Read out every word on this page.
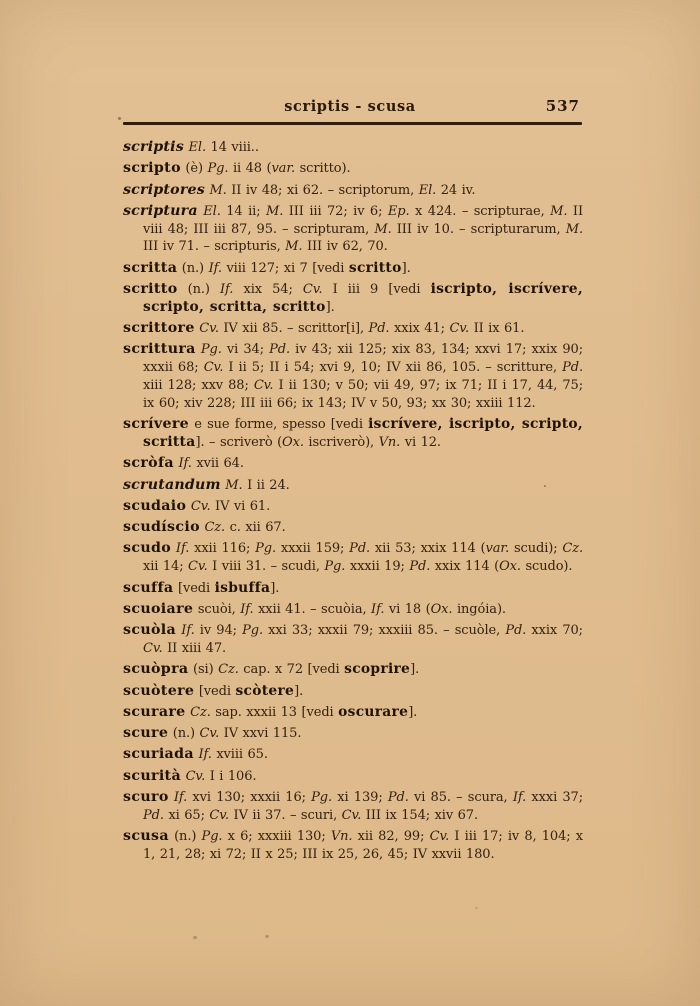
scriptis - scusa	537

scriptis El. 14 viii..

scripto (è) Pg. ii 48 (var. scritto).

scriptores M. II iv 48; xi 62. – scriptorum, El. 24 iv.

scriptura El. 14 ii; M. III iii 72; iv 6; Ep. x 424. – scripturae, M. II viii 48; III iii 87, 95. – scripturam, M. III iv 10. – scripturarum, M. III iv 71. – scripturis, M. III iv 62, 70.

scritta (n.) If. viii 127; xi 7 [vedi scritto].

scritto (n.) If. xix 54; Cv. I iii 9 [vedi iscripto, iscrívere, scripto, scritta, scritto].

scrittore Cv. IV xii 85. – scrittor[i], Pd. xxix 41; Cv. II ix 61.

scrittura Pg. vi 34; Pd. iv 43; xii 125; xix 83, 134; xxvi 17; xxix 90; xxxii 68; Cv. I ii 5; II i 54; xvi 9, 10; IV xii 86, 105. – scritture, Pd. xiii 128; xxv 88; Cv. I ii 130; v 50; vii 49, 97; ix 71; II i 17, 44, 75; ix 60; xiv 228; III iii 66; ix 143; IV v 50, 93; xx 30; xxiii 112.

scrívere e sue forme, spesso [vedi iscrívere, iscripto, scripto, scritta]. – scriverò (Ox. iscriverò), Vn. vi 12.

scròfa If. xvii 64.

scrutandum M. I ii 24.

scudaio Cv. IV vi 61.

scudíscio Cz. c. xii 67.

scudo If. xxii 116; Pg. xxxii 159; Pd. xii 53; xxix 114 (var. scudi); Cz. xii 14; Cv. I viii 31. – scudi, Pg. xxxii 19; Pd. xxix 114 (Ox. scudo).

scuffa [vedi isbuffa].

scuoiare scuòi, If. xxii 41. – scuòia, If. vi 18 (Ox. ingóia).

scuòla If. iv 94; Pg. xxi 33; xxxii 79; xxxiii 85. – scuòle, Pd. xxix 70; Cv. II xiii 47.

scuòpra (si) Cz. cap. x 72 [vedi scoprire].

scuòtere [vedi scòtere].

scurare Cz. sap. xxxii 13 [vedi oscurare].

scure (n.) Cv. IV xxvi 115.

scuriada If. xviii 65.

scurità Cv. I i 106.

scuro If. xvi 130; xxxii 16; Pg. xi 139; Pd. vi 85. – scura, If. xxxi 37; Pd. xi 65; Cv. IV ii 37. – scuri, Cv. III ix 154; xiv 67.

scusa (n.) Pg. x 6; xxxiii 130; Vn. xii 82, 99; Cv. I iii 17; iv 8, 104; x 1, 21, 28; xi 72; II x 25; III ix 25, 26, 45; IV xxvii 180.
